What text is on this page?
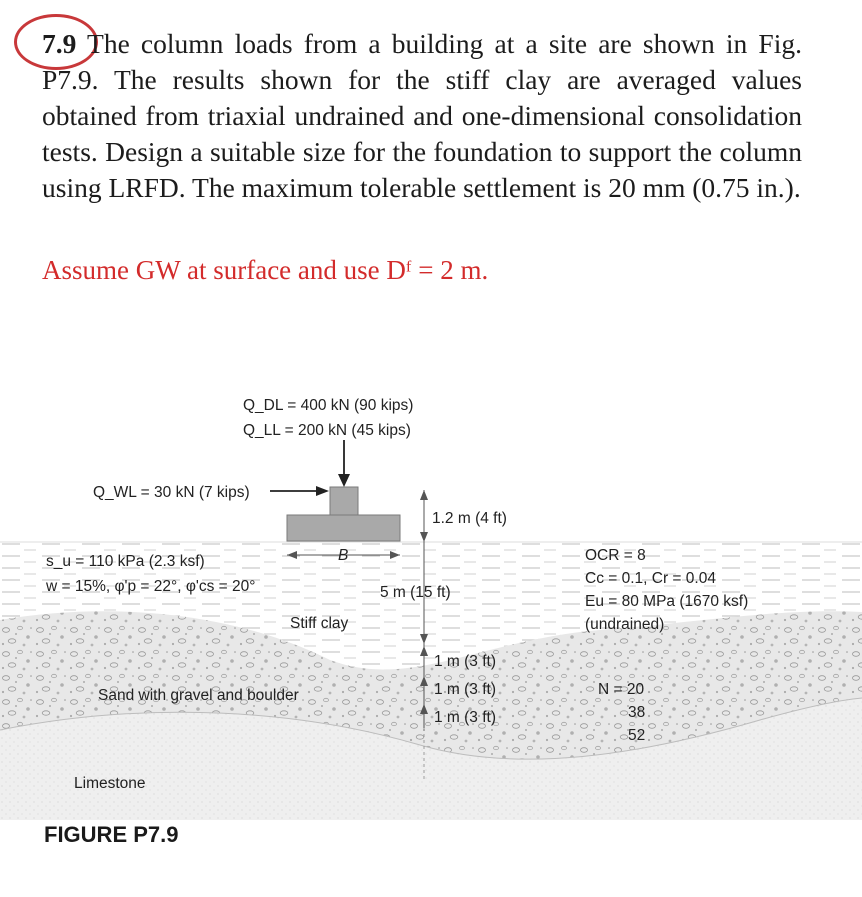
7.9 The column loads from a building at a site are shown in Fig. P7.9. The results shown for the stiff clay are averaged values obtained from triaxial undrained and one-dimensional consolidation tests. Design a suitable size for the foundation to support the column using LRFD. The maximum tolerable settlement is 20 mm (0.75 in.).
Assume GW at surface and use Dᶠ = 2 m.
Q_DL = 400 kN (90 kips)
Q_LL = 200 kN (45 kips)
Q_WL = 30 kN (7 kips)
B
1.2 m (4 ft)
5 m (15 ft)
s_u = 110 kPa (2.3 ksf)
w = 15%, φ'p = 22°, φ'cs = 20°
Stiff clay
OCR = 8
Cc = 0.1, Cr = 0.04
Eu = 80 MPa (1670 ksf)
(undrained)
Sand with gravel and boulder
1 m (3 ft)
1 m (3 ft)
1 m (3 ft)
N = 20
38
52
Limestone
FIGURE P7.9
